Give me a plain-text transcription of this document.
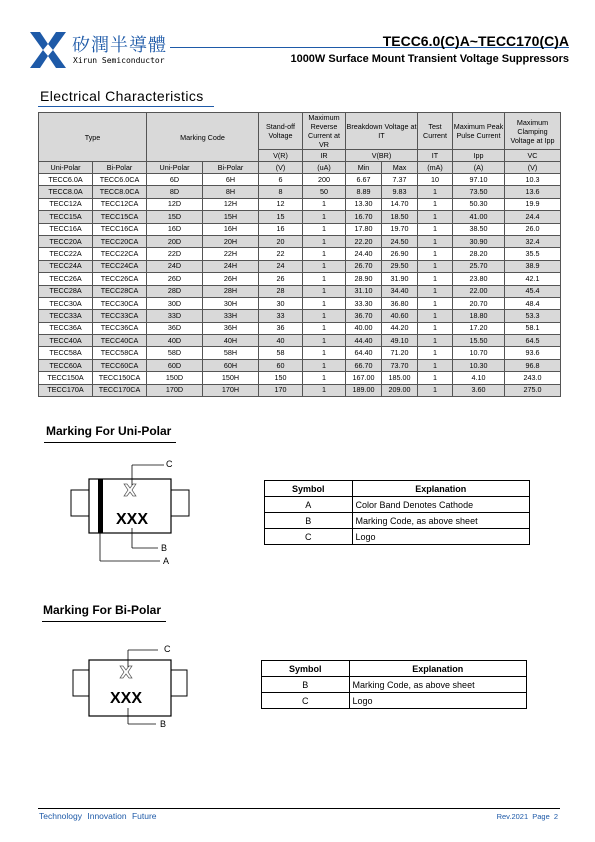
矽潤半導體
Xirun Semiconductor
TECC6.0(C)A~TECC170(C)A
1000W Surface Mount Transient Voltage Suppressors
Electrical Characteristics
Type		Marking Code		Stand-off Voltage	Maximum Reverse Current at VR	Breakdown Voltage at IT		Test Current	Maximum Peak Pulse Current	Maximum Clamping Voltage at Ipp
				V(R)	IR	V(BR)		IT	Ipp	VC
Uni-Polar	Bi-Polar	Uni-Polar	Bi-Polar	(V)	(uA)	Min	Max	(mA)	(A)	(V)
TECC6.0A	TECC6.0CA	6D	6H	6	200	6.67	7.37	10	97.10	10.3
TECC8.0A	TECC8.0CA	8D	8H	8	50	8.89	9.83	1	73.50	13.6
TECC12A	TECC12CA	12D	12H	12	1	13.30	14.70	1	50.30	19.9
TECC15A	TECC15CA	15D	15H	15	1	16.70	18.50	1	41.00	24.4
TECC16A	TECC16CA	16D	16H	16	1	17.80	19.70	1	38.50	26.0
TECC20A	TECC20CA	20D	20H	20	1	22.20	24.50	1	30.90	32.4
TECC22A	TECC22CA	22D	22H	22	1	24.40	26.90	1	28.20	35.5
TECC24A	TECC24CA	24D	24H	24	1	26.70	29.50	1	25.70	38.9
TECC26A	TECC26CA	26D	26H	26	1	28.90	31.90	1	23.80	42.1
TECC28A	TECC28CA	28D	28H	28	1	31.10	34.40	1	22.00	45.4
TECC30A	TECC30CA	30D	30H	30	1	33.30	36.80	1	20.70	48.4
TECC33A	TECC33CA	33D	33H	33	1	36.70	40.60	1	18.80	53.3
TECC36A	TECC36CA	36D	36H	36	1	40.00	44.20	1	17.20	58.1
TECC40A	TECC40CA	40D	40H	40	1	44.40	49.10	1	15.50	64.5
TECC58A	TECC58CA	58D	58H	58	1	64.40	71.20	1	10.70	93.6
TECC60A	TECC60CA	60D	60H	60	1	66.70	73.70	1	10.30	96.8
TECC150A	TECC150CA	150D	150H	150	1	167.00	185.00	1	4.10	243.0
TECC170A	TECC170CA	170D	170H	170	1	189.00	209.00	1	3.60	275.0
Marking For Uni-Polar
XXX
C
B
A
Symbol	Explanation
A	Color Band Denotes Cathode
B	Marking Code, as above sheet
C	Logo
Marking For Bi-Polar
XXX
C
B
Symbol	Explanation
B	Marking Code, as above sheet
C	Logo
Technology Innovation Future	Rev.2021 Page 2
